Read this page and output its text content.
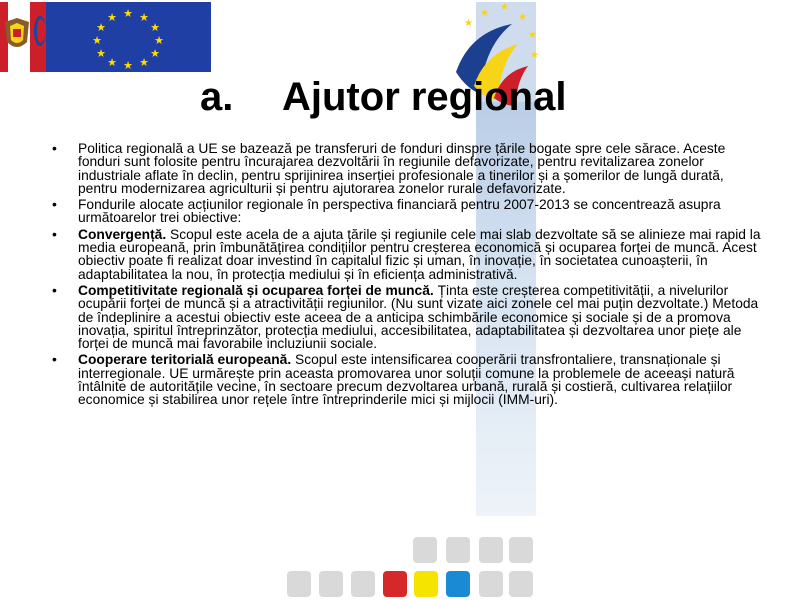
★ ★
★
★
★
★
★
★
★
★
★
★	★
★
★
★
★
★
a. Ajutor regional
• Politica regională a UE se bazează pe transferuri de fonduri dinspre țările bogate spre cele sărace. Aceste fonduri sunt folosite pentru încurajarea dezvoltării în regiunile defavorizate, pentru revitalizarea zonelor industriale aflate în declin, pentru sprijinirea inserției profesionale a tinerilor și a șomerilor de lungă durată, pentru modernizarea agriculturii și pentru ajutorarea zonelor rurale defavorizate.
• Fondurile alocate acțiunilor regionale în perspectiva financiară pentru 2007-2013 se concentrează asupra următoarelor trei obiective:
• Convergență. Scopul este acela de a ajuta țările și regiunile cele mai slab dezvoltate să se alinieze mai rapid la media europeană, prin îmbunătățirea condițiilor pentru creșterea economică și ocuparea forței de muncă. Acest obiectiv poate fi realizat doar investind în capitalul fizic și uman, în inovație, în societatea cunoașterii, în adaptabilitatea la nou, în protecția mediului și în eficiența administrativă.
• Competitivitate regională și ocuparea forței de muncă. Ținta este creșterea competitivității, a nivelurilor ocupării forței de muncă și a atractivității regiunilor. (Nu sunt vizate aici zonele cel mai puțin dezvoltate.) Metoda de îndeplinire a acestui obiectiv este aceea de a anticipa schimbările economice și sociale și de a promova inovația, spiritul întreprinzător, protecția mediului, accesibilitatea, adaptabilitatea și dezvoltarea unor piețe ale forței de muncă mai favorabile incluziunii sociale.
• Cooperare teritorială europeană. Scopul este intensificarea cooperării transfrontaliere, transnaționale și interregionale. UE urmărește prin aceasta promovarea unor soluții comune la problemele de aceeași natură întâlnite de autoritățile vecine, în sectoare precum dezvoltarea urbană, rurală și costieră, cultivarea relațiilor economice și stabilirea unor rețele între întreprinderile mici și mijlocii (IMM-uri).
